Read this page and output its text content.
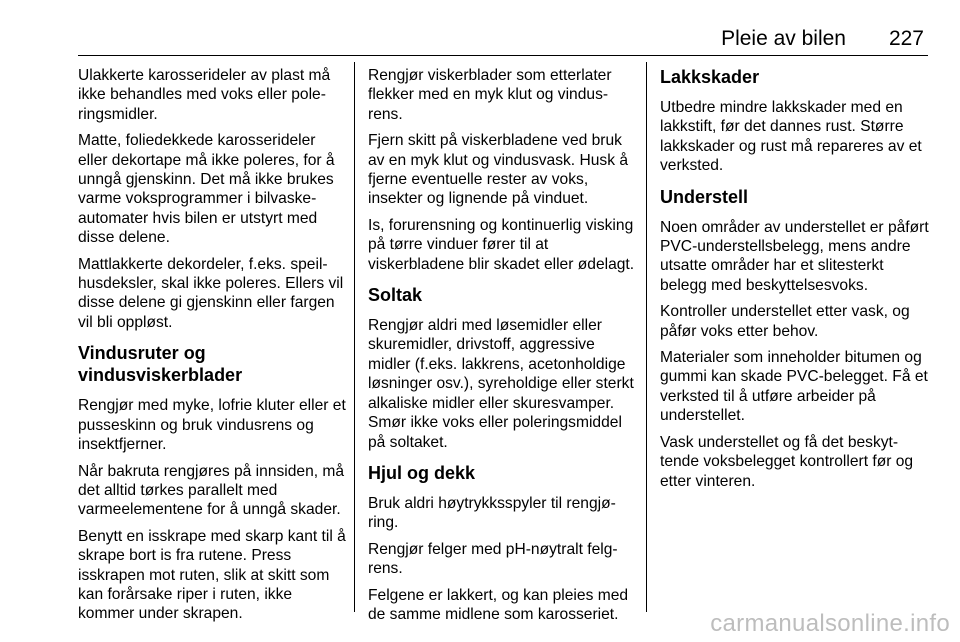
Pleie av bilen 227

Ulakkerte karosserideler av plast må ikke behandles med voks eller poleringsmidler.

Matte, foliedekkede karosserideler eller dekortape må ikke poleres, for å unngå gjenskinn. Det må ikke brukes varme voksprogrammer i bilvaskeautomater hvis bilen er utstyrt med disse delene.

Mattlakkerte dekordeler, f.eks. speilhusdeksler, skal ikke poleres. Ellers vil disse delene gi gjenskinn eller fargen vil bli oppløst.

Vindusruter og
vindusviskerblader

Rengjør med myke, lofrie kluter eller et pusseskinn og bruk vindusrens og insektfjerner.

Når bakruta rengjøres på innsiden, må det alltid tørkes parallelt med varmeelementene for å unngå skader.

Benytt en isskrape med skarp kant til å skrape bort is fra rutene. Press isskrapen mot ruten, slik at skitt som kan forårsake riper i ruten, ikke kommer under skrapen.

Rengjør viskerblader som etterlater flekker med en myk klut og vindusrens.

Fjern skitt på viskerbladene ved bruk av en myk klut og vindusvask. Husk å fjerne eventuelle rester av voks, insekter og lignende på vinduet.

Is, forurensning og kontinuerlig visking på tørre vinduer fører til at viskerbladene blir skadet eller ødelagt.

Soltak

Rengjør aldri med løsemidler eller skuremidler, drivstoff, aggressive midler (f.eks. lakkrens, acetonholdige løsninger osv.), syreholdige eller sterkt alkaliske midler eller skuresvamper. Smør ikke voks eller poleringsmiddel på soltaket.

Hjul og dekk

Bruk aldri høytrykksspyler til rengjøring.

Rengjør felger med pH-nøytralt felgrens.

Felgene er lakkert, og kan pleies med de samme midlene som karosseriet.

Lakkskader

Utbedre mindre lakkskader med en lakkstift, før det dannes rust. Større lakkskader og rust må repareres av et verksted.

Understell

Noen områder av understellet er påført PVC-understellsbelegg, mens andre utsatte områder har et slitesterkt belegg med beskyttelsesvoks.

Kontroller understellet etter vask, og påfør voks etter behov.

Materialer som inneholder bitumen og gummi kan skade PVC-belegget. Få et verksted til å utføre arbeider på understellet.

Vask understellet og få det beskyttende voksbelegget kontrollert før og etter vinteren.

carmanualsonline.info
